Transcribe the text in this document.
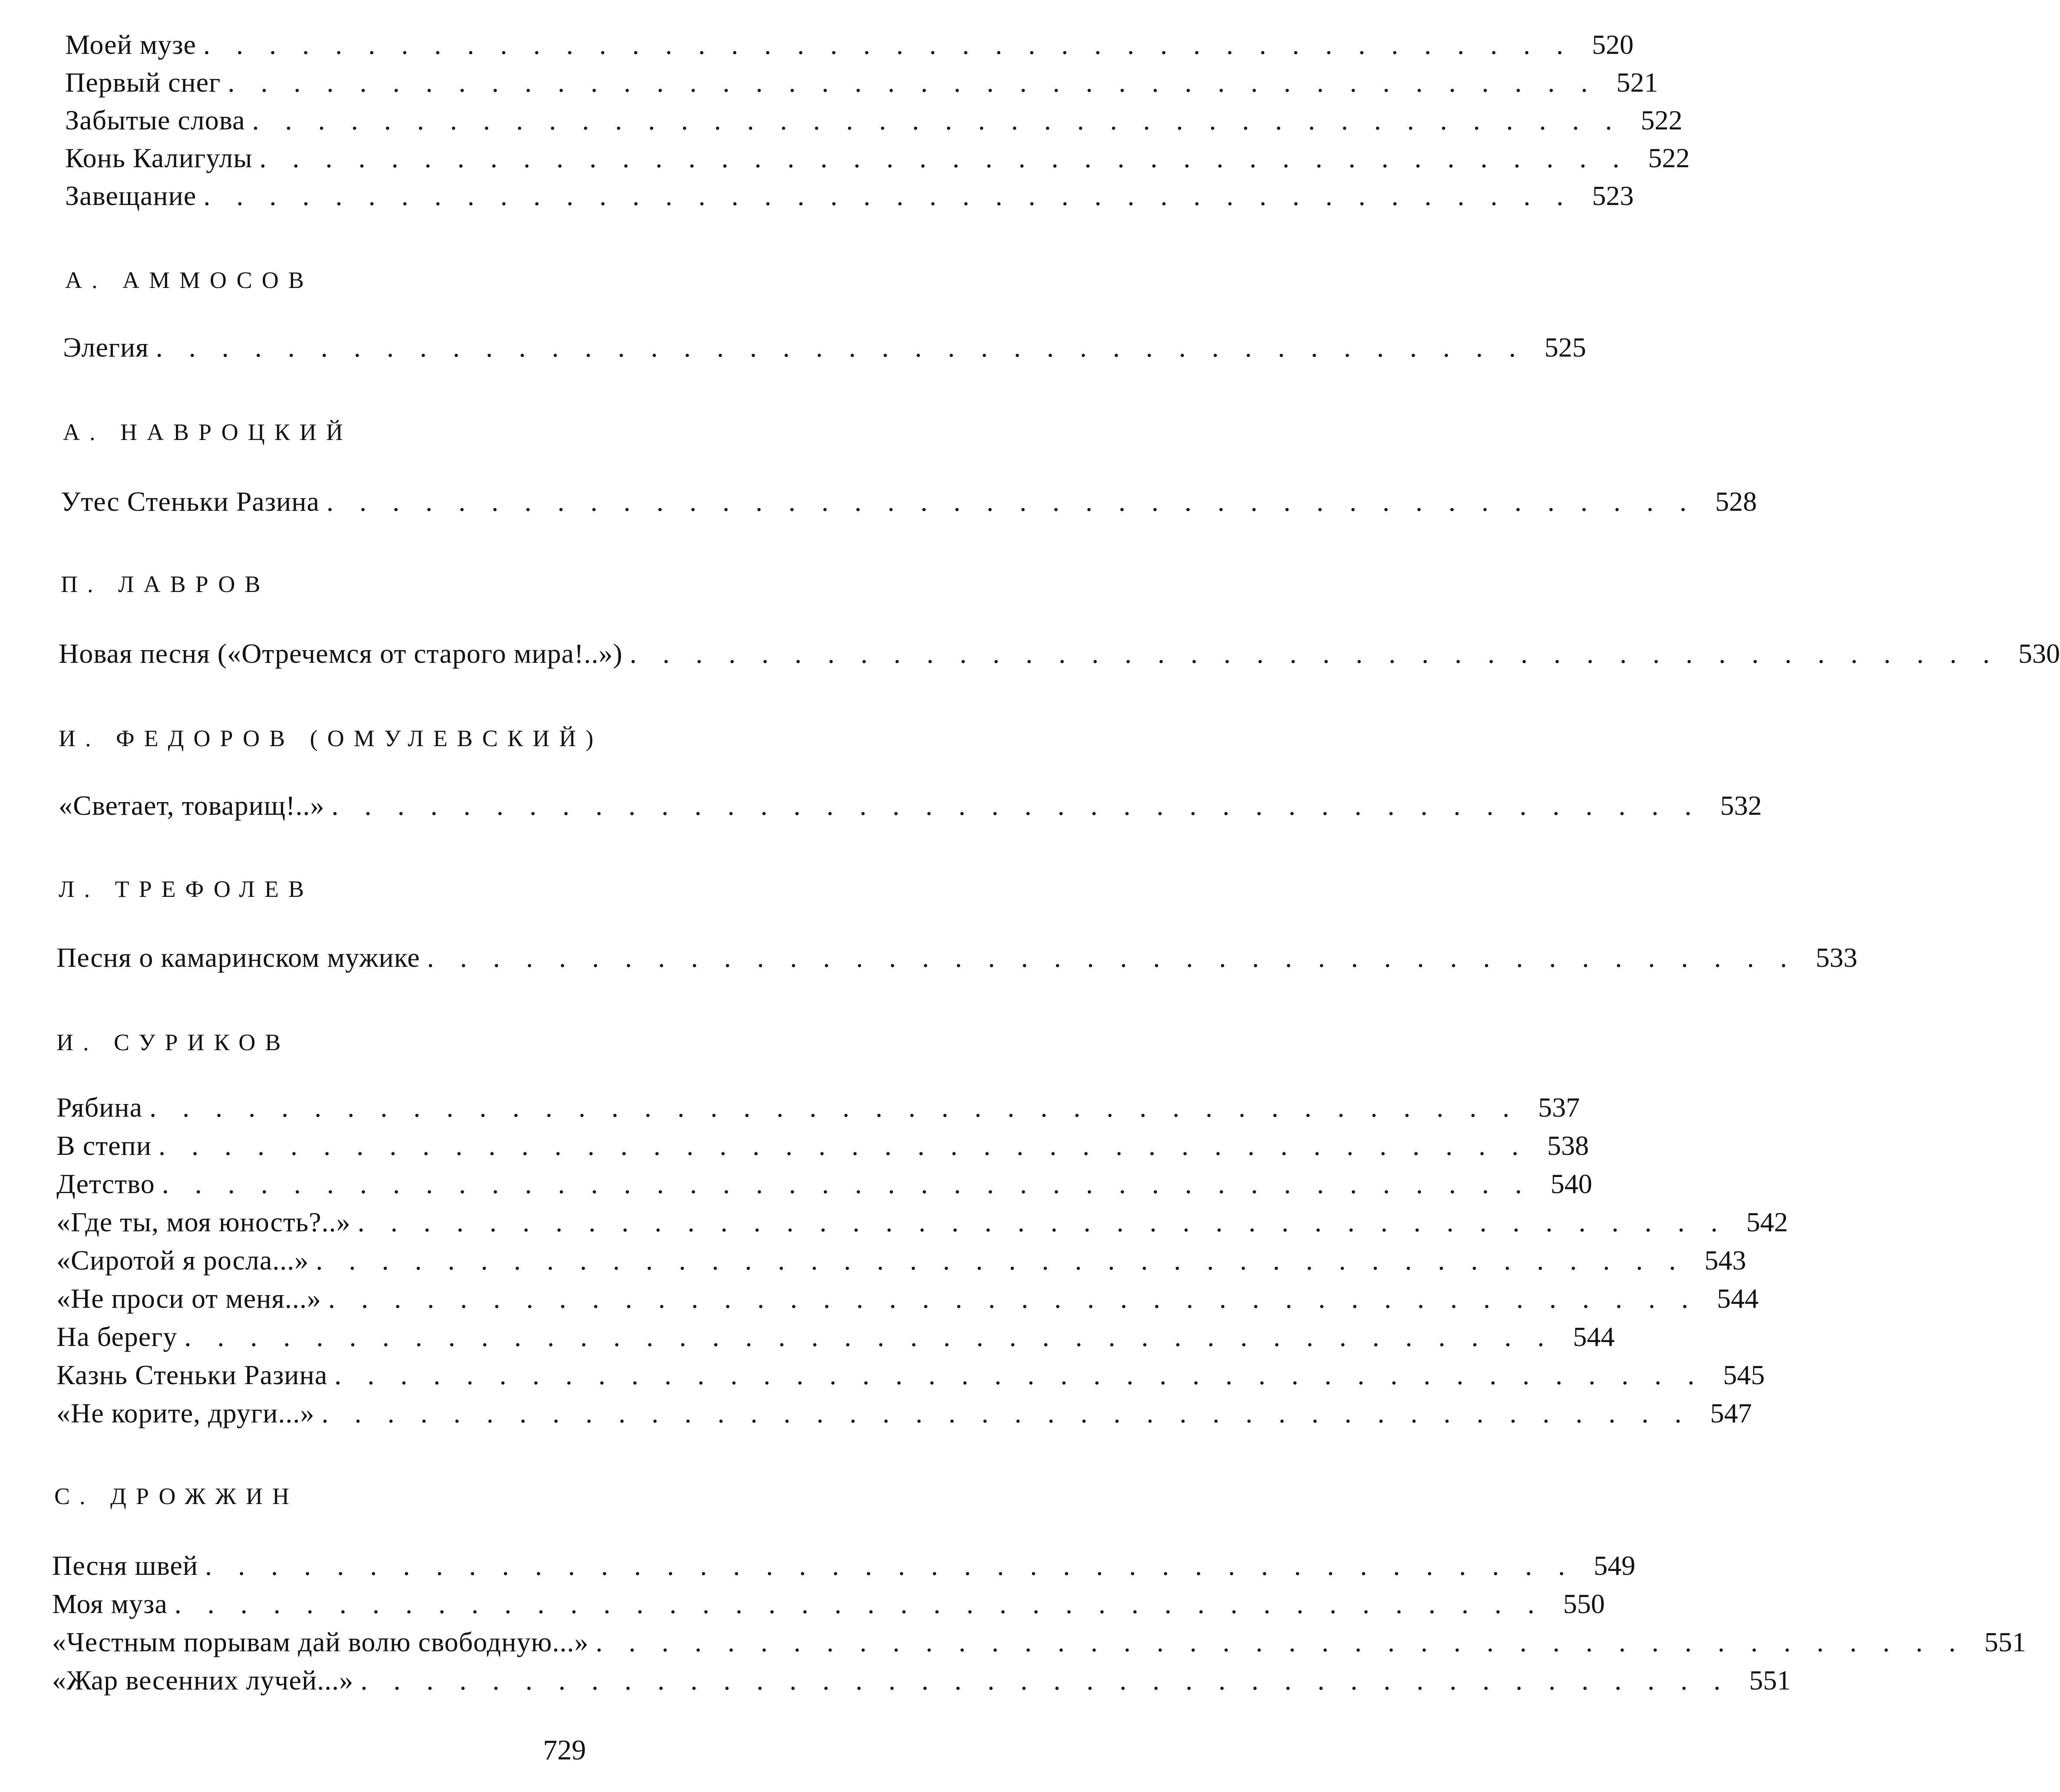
Моей музе . . . . . . . . . . . . . . . . . . . . . . . . . . . . . . . . . . . . . . . . . . 520
Первый снег . . . . . . . . . . . . . . . . . . . . . . . . . . . . . . . . . . . . . . . . . . 521
Забытые слова . . . . . . . . . . . . . . . . . . . . . . . . . . . . . . . . . . . . . . . . . . 522
Конь Калигулы . . . . . . . . . . . . . . . . . . . . . . . . . . . . . . . . . . . . . . . . . . 522
Завещание . . . . . . . . . . . . . . . . . . . . . . . . . . . . . . . . . . . . . . . . . . 523
А. АММОСОВ
Элегия . . . . . . . . . . . . . . . . . . . . . . . . . . . . . . . . . . . . . . . . . . 525
А. НАВРОЦКИЙ
Утес Стеньки Разина . . . . . . . . . . . . . . . . . . . . . . . . . . . . . . . . . . . . . . . . . . 528
П. ЛАВРОВ
Новая песня («Отречемся от старого мира!..») . . . . . . . . . . . . . . . . . . . . . . . . . . . . . . . . . . . . . . . . . . 530
И. ФЕДОРОВ (ОМУЛЕВСКИЙ)
«Светает, товарищ!..» . . . . . . . . . . . . . . . . . . . . . . . . . . . . . . . . . . . . . . . . . . 532
Л. ТРЕФОЛЕВ
Песня о камаринском мужике . . . . . . . . . . . . . . . . . . . . . . . . . . . . . . . . . . . . . . . . . . 533
И. СУРИКОВ
Рябина . . . . . . . . . . . . . . . . . . . . . . . . . . . . . . . . . . . . . . . . . . 537
В степи . . . . . . . . . . . . . . . . . . . . . . . . . . . . . . . . . . . . . . . . . . 538
Детство . . . . . . . . . . . . . . . . . . . . . . . . . . . . . . . . . . . . . . . . . . 540
«Где ты, моя юность?..» . . . . . . . . . . . . . . . . . . . . . . . . . . . . . . . . . . . . . . . . . . 542
«Сиротой я росла...» . . . . . . . . . . . . . . . . . . . . . . . . . . . . . . . . . . . . . . . . . . 543
«Не проси от меня...» . . . . . . . . . . . . . . . . . . . . . . . . . . . . . . . . . . . . . . . . . . 544
На берегу . . . . . . . . . . . . . . . . . . . . . . . . . . . . . . . . . . . . . . . . . . 544
Казнь Стеньки Разина . . . . . . . . . . . . . . . . . . . . . . . . . . . . . . . . . . . . . . . . . . 545
«Не корите, други...» . . . . . . . . . . . . . . . . . . . . . . . . . . . . . . . . . . . . . . . . . . 547
С. ДРОЖЖИН
Песня швей . . . . . . . . . . . . . . . . . . . . . . . . . . . . . . . . . . . . . . . . . . 549
Моя муза . . . . . . . . . . . . . . . . . . . . . . . . . . . . . . . . . . . . . . . . . . 550
«Честным порывам дай волю свободную...» . . . . . . . . . . . . . . . . . . . . . . . . . . . . . . . . . . . . . . . . . . 551
«Жар весенних лучей...» . . . . . . . . . . . . . . . . . . . . . . . . . . . . . . . . . . . . . . . . . . 551
729
